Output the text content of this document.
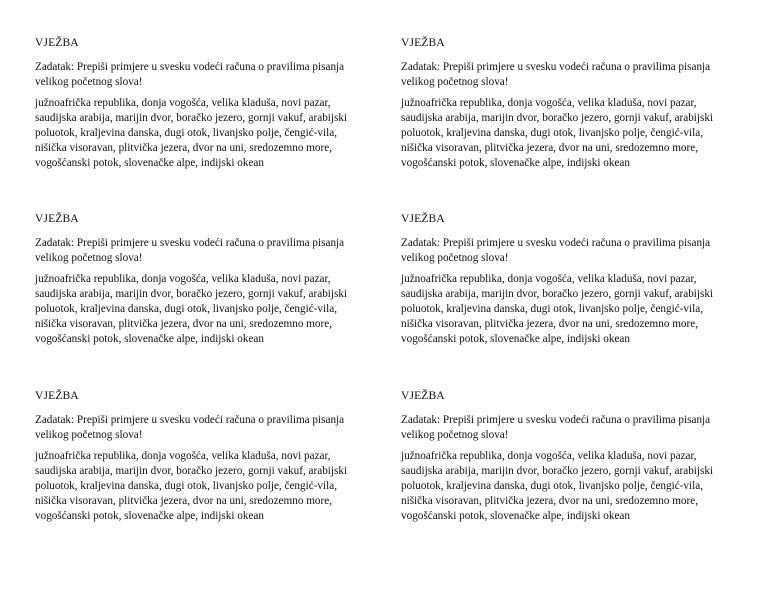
VJEŽBA

Zadatak: Prepiši primjere u svesku vodeći računa o pravilima pisanja
velikog početnog slova!

južnoafrička republika, donja vogošća, velika kladuša, novi pazar,
saudijska arabija, marijin dvor, boračko jezero, gornji vakuf, arabijski
poluotok, kraljevina danska, dugi otok, livanjsko polje, čengić-vila,
nišička visoravan, plitvička jezera, dvor na uni, sredozemno more,
vogošćanski potok, slovenačke alpe, indijski okean

VJEŽBA

Zadatak: Prepiši primjere u svesku vodeći računa o pravilima pisanja
velikog početnog slova!

južnoafrička republika, donja vogošća, velika kladuša, novi pazar,
saudijska arabija, marijin dvor, boračko jezero, gornji vakuf, arabijski
poluotok, kraljevina danska, dugi otok, livanjsko polje, čengić-vila,
nišička visoravan, plitvička jezera, dvor na uni, sredozemno more,
vogošćanski potok, slovenačke alpe, indijski okean

VJEŽBA

Zadatak: Prepiši primjere u svesku vodeći računa o pravilima pisanja
velikog početnog slova!

južnoafrička republika, donja vogošća, velika kladuša, novi pazar,
saudijska arabija, marijin dvor, boračko jezero, gornji vakuf, arabijski
poluotok, kraljevina danska, dugi otok, livanjsko polje, čengić-vila,
nišička visoravan, plitvička jezera, dvor na uni, sredozemno more,
vogošćanski potok, slovenačke alpe, indijski okean

VJEŽBA

Zadatak: Prepiši primjere u svesku vodeći računa o pravilima pisanja
velikog početnog slova!

južnoafrička republika, donja vogošća, velika kladuša, novi pazar,
saudijska arabija, marijin dvor, boračko jezero, gornji vakuf, arabijski
poluotok, kraljevina danska, dugi otok, livanjsko polje, čengić-vila,
nišička visoravan, plitvička jezera, dvor na uni, sredozemno more,
vogošćanski potok, slovenačke alpe, indijski okean

VJEŽBA

Zadatak: Prepiši primjere u svesku vodeći računa o pravilima pisanja
velikog početnog slova!

južnoafrička republika, donja vogošća, velika kladuša, novi pazar,
saudijska arabija, marijin dvor, boračko jezero, gornji vakuf, arabijski
poluotok, kraljevina danska, dugi otok, livanjsko polje, čengić-vila,
nišička visoravan, plitvička jezera, dvor na uni, sredozemno more,
vogošćanski potok, slovenačke alpe, indijski okean

VJEŽBA

Zadatak: Prepiši primjere u svesku vodeći računa o pravilima pisanja
velikog početnog slova!

južnoafrička republika, donja vogošća, velika kladuša, novi pazar,
saudijska arabija, marijin dvor, boračko jezero, gornji vakuf, arabijski
poluotok, kraljevina danska, dugi otok, livanjsko polje, čengić-vila,
nišička visoravan, plitvička jezera, dvor na uni, sredozemno more,
vogošćanski potok, slovenačke alpe, indijski okean
